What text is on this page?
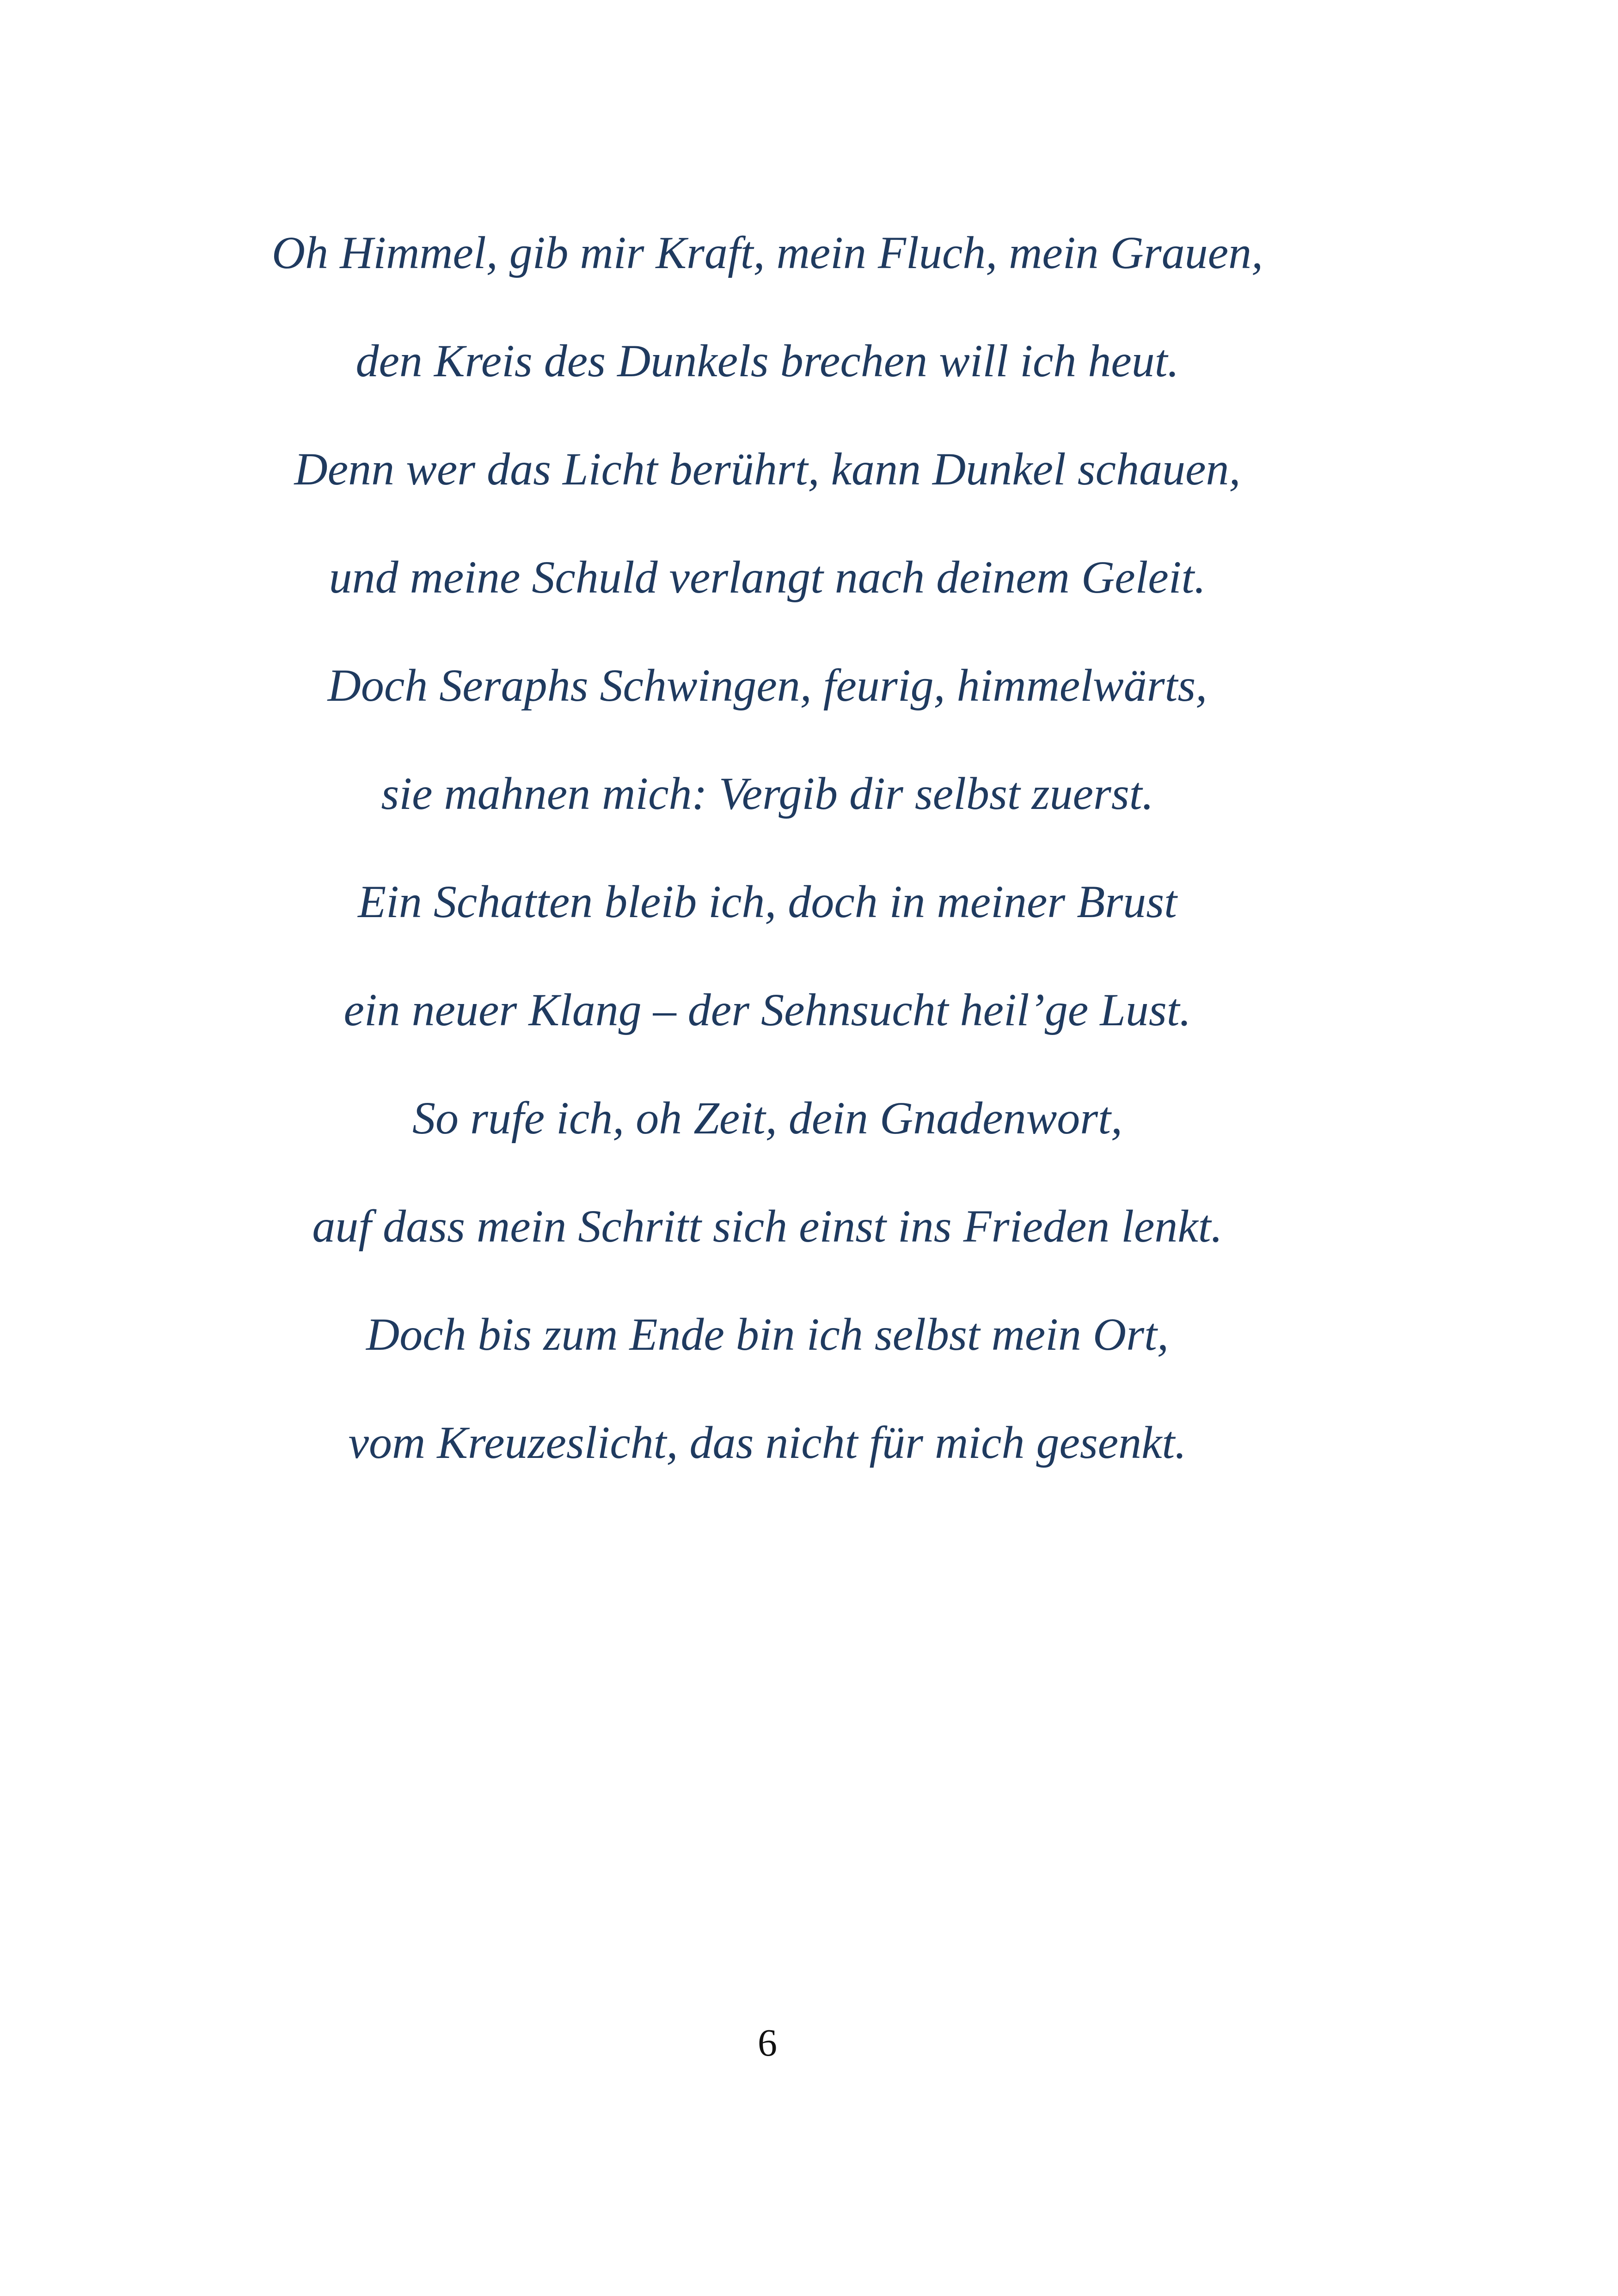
Oh Himmel, gib mir Kraft, mein Fluch, mein Grauen,
den Kreis des Dunkels brechen will ich heut.
Denn wer das Licht berührt, kann Dunkel schauen,
und meine Schuld verlangt nach deinem Geleit.
Doch Seraphs Schwingen, feurig, himmelwärts,
sie mahnen mich: Vergib dir selbst zuerst.
Ein Schatten bleib ich, doch in meiner Brust
ein neuer Klang – der Sehnsucht heil’ge Lust.
So rufe ich, oh Zeit, dein Gnadenwort,
auf dass mein Schritt sich einst ins Frieden lenkt.
Doch bis zum Ende bin ich selbst mein Ort,
vom Kreuzeslicht, das nicht für mich gesenkt.
6
